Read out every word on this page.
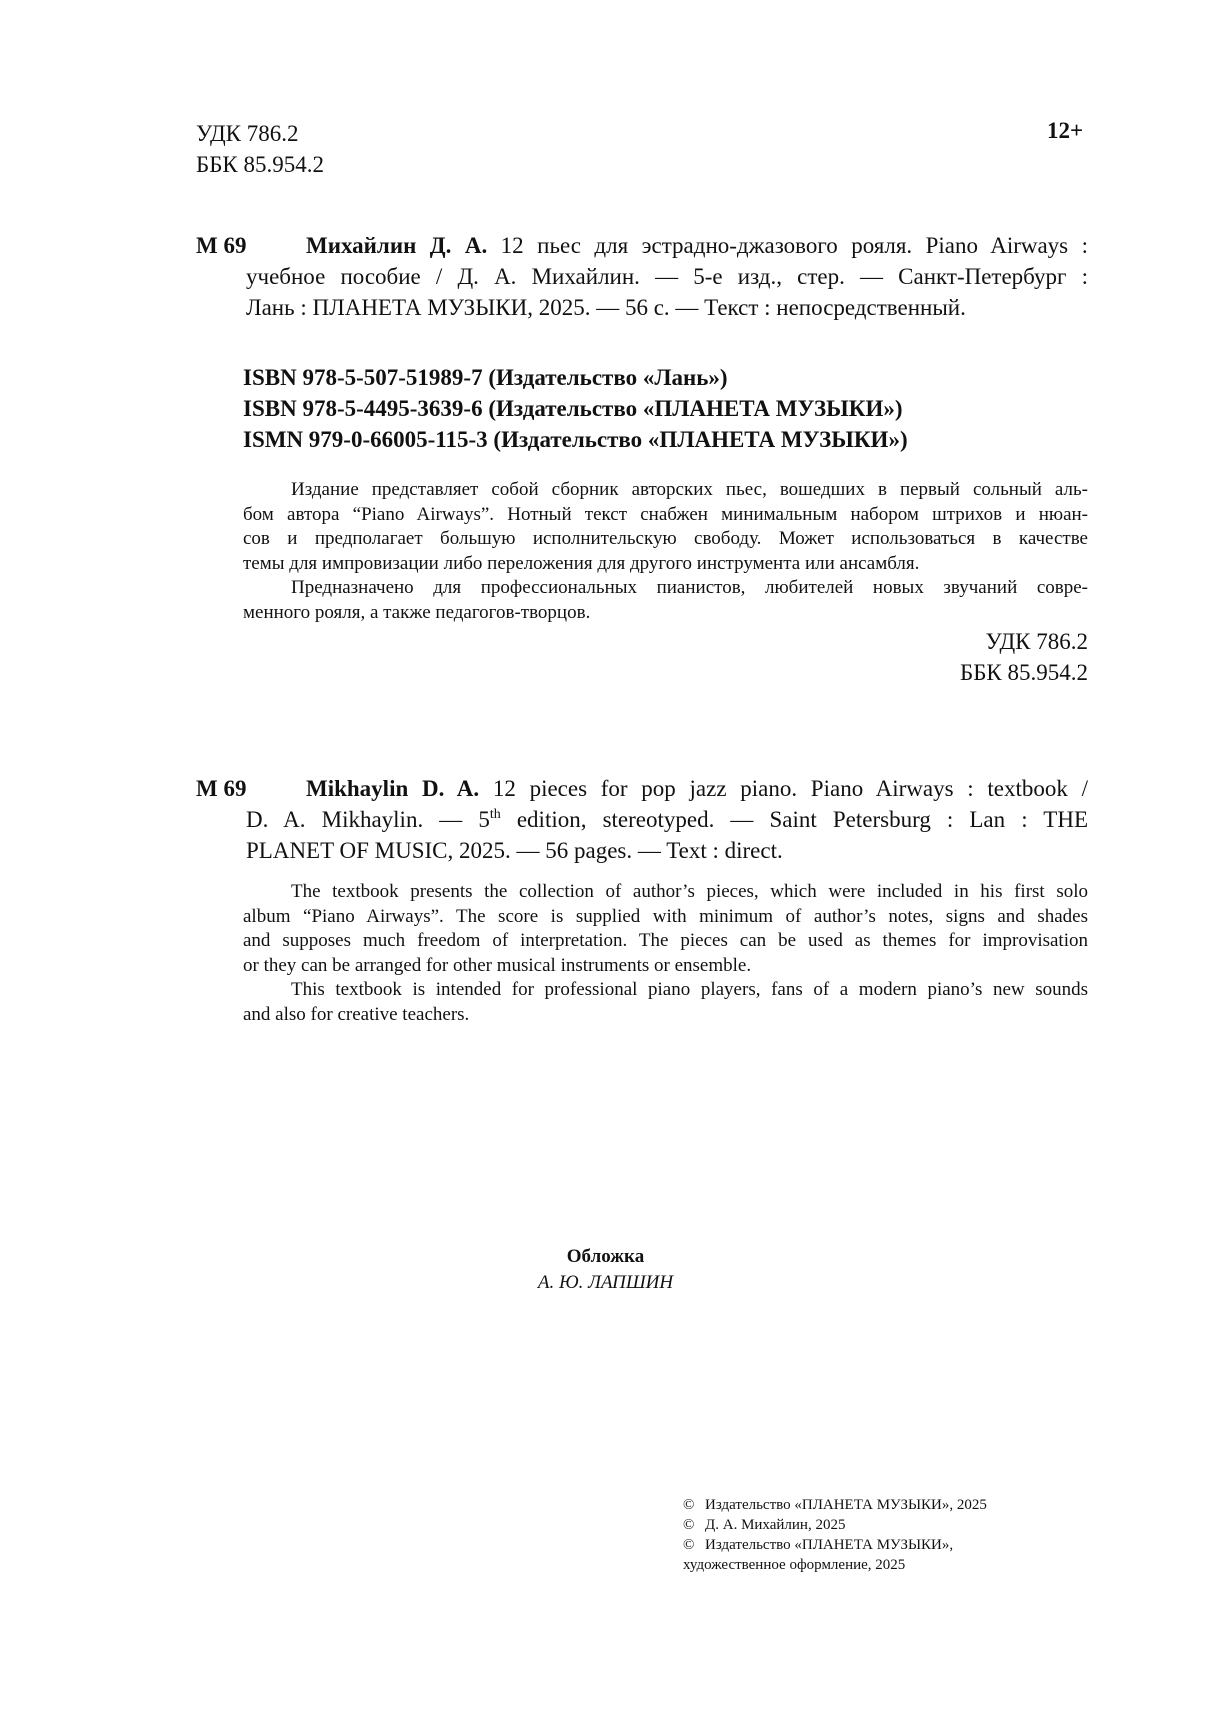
УДК 786.2
ББК 85.954.2
12+
М 69	Михайлин Д. А. 12 пьес для эстрадно-джазового рояля. Piano Airways :
учебное пособие / Д. А. Михайлин. — 5-е изд., стер. — Санкт-Петербург :
Лань : ПЛАНЕТА МУЗЫКИ, 2025. — 56 с. — Текст : непосредственный.
ISBN 978-5-507-51989-7 (Издательство «Лань»)
ISBN 978-5-4495-3639-6 (Издательство «ПЛАНЕТА МУЗЫКИ»)
ISMN 979-0-66005-115-3 (Издательство «ПЛАНЕТА МУЗЫКИ»)
Издание представляет собой сборник авторских пьес, вошедших в первый сольный аль-
бом автора “Piano Airways”. Нотный текст снабжен минимальным набором штрихов и нюан-
сов и предполагает большую исполнительскую свободу. Может использоваться в качестве
темы для импровизации либо переложения для другого инструмента или ансамбля.
Предназначено для профессиональных пианистов, любителей новых звучаний совре-
менного рояля, а также педагогов-творцов.
УДК 786.2
ББК 85.954.2
M 69	Mikhaylin D. A. 12 pieces for pop jazz piano. Piano Airways : textbook /
D. A. Mikhaylin. — 5th edition, stereotyped. — Saint Petersburg : Lan : THE
PLANET OF MUSIC, 2025. — 56 pages. — Text : direct.
The textbook presents the collection of author’s pieces, which were included in his first solo
album “Piano Airways”. The score is supplied with minimum of author’s notes, signs and shades
and supposes much freedom of interpretation. The pieces can be used as themes for improvisation
or they can be arranged for other musical instruments or ensemble.
This textbook is intended for professional piano players, fans of a modern piano’s new sounds
and also for creative teachers.
Обложка
А. Ю. ЛАПШИН
© Издательство «ПЛАНЕТА МУЗЫКИ», 2025
© Д. А. Михайлин, 2025
© Издательство «ПЛАНЕТА МУЗЫКИ»,
художественное оформление, 2025
